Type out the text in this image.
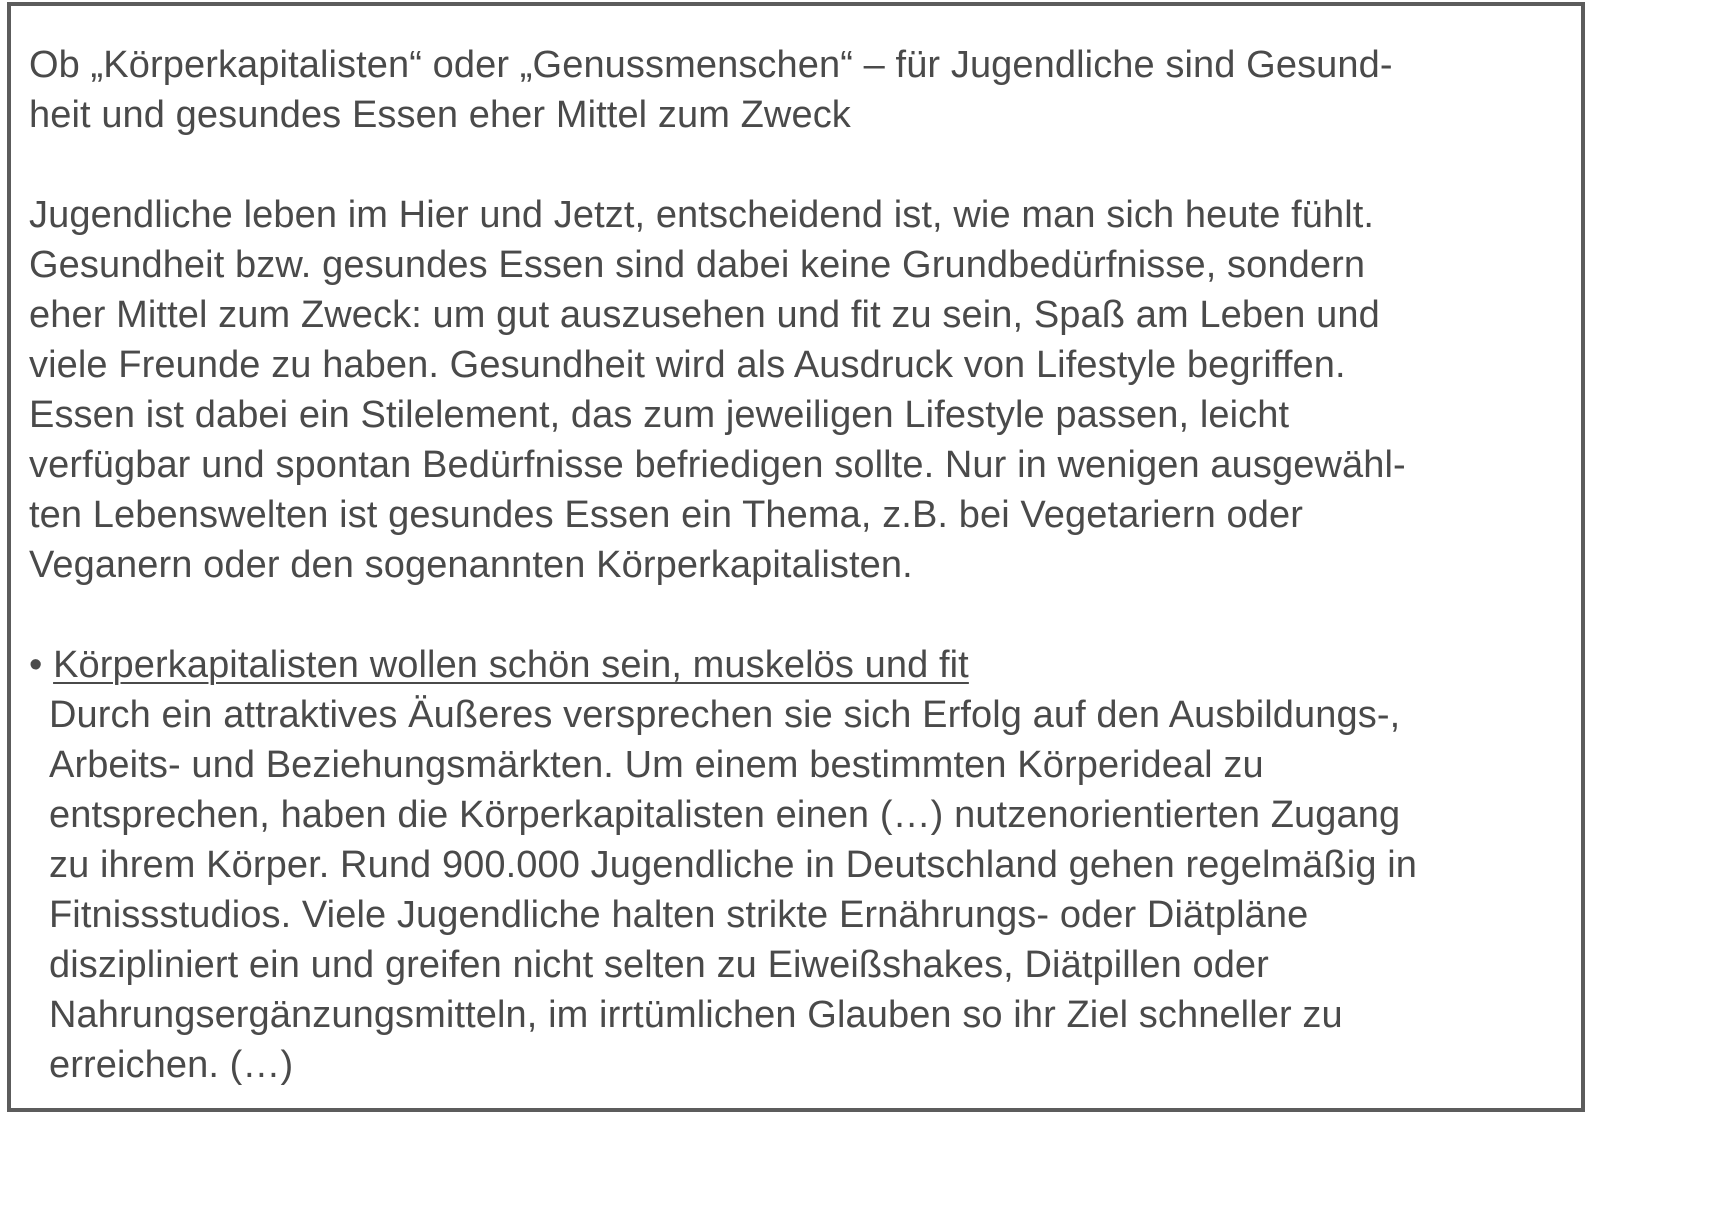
Ob „Körperkapitalisten“ oder „Genussmenschen“ – für Jugendliche sind Gesund-
heit und gesundes Essen eher Mittel zum Zweck
Jugendliche leben im Hier und Jetzt, entscheidend ist, wie man sich heute fühlt.
Gesundheit bzw. gesundes Essen sind dabei keine Grundbedürfnisse, sondern
eher Mittel zum Zweck: um gut auszusehen und fit zu sein, Spaß am Leben und
viele Freunde zu haben. Gesundheit wird als Ausdruck von Lifestyle begriffen.
Essen ist dabei ein Stilelement, das zum jeweiligen Lifestyle passen, leicht
verfügbar und spontan Bedürfnisse befriedigen sollte. Nur in wenigen ausgewähl-
ten Lebenswelten ist gesundes Essen ein Thema, z.B. bei Vegetariern oder
Veganern oder den sogenannten Körperkapitalisten.
• Körperkapitalisten wollen schön sein, muskelös und fit
Durch ein attraktives Äußeres versprechen sie sich Erfolg auf den Ausbildungs-,
Arbeits- und Beziehungsmärkten. Um einem bestimmten Körperideal zu
entsprechen, haben die Körperkapitalisten einen (…) nutzenorientierten Zugang
zu ihrem Körper. Rund 900.000 Jugendliche in Deutschland gehen regelmäßig in
Fitnissstudios. Viele Jugendliche halten strikte Ernährungs- oder Diätpläne
diszipliniert ein und greifen nicht selten zu Eiweißshakes, Diätpillen oder
Nahrungsergänzungsmitteln, im irrtümlichen Glauben so ihr Ziel schneller zu
erreichen. (…)
